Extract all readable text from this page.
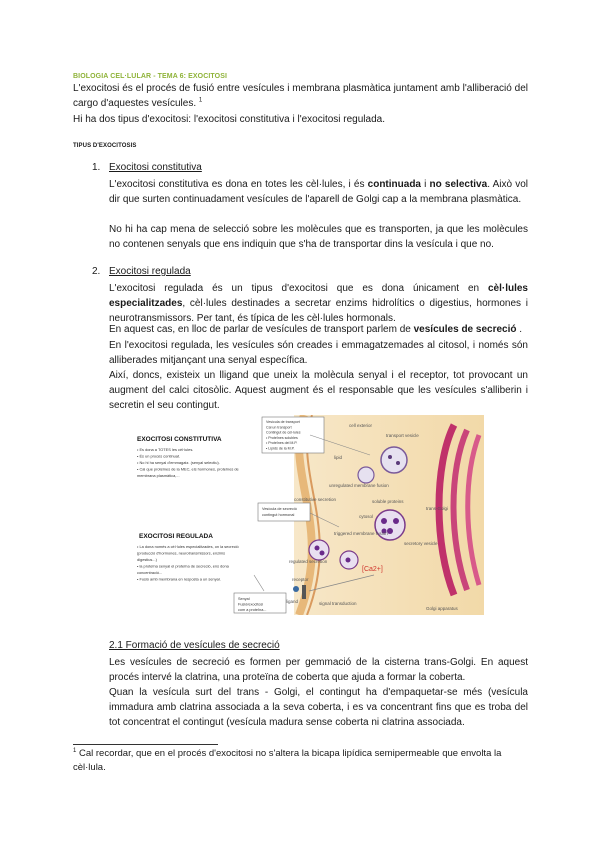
BIOLOGIA CEL·LULAR - TEMA 6: EXOCITOSI
L'exocitosi és el procés de fusió entre vesícules i membrana plasmàtica juntament amb l'alliberació del cargo d'aquestes vesícules. $^1$
Hi ha dos tipus d'exocitosi: l'exocitosi constitutiva i l'exocitosi regulada.
TIPUS D'EXOCITOSIS
1. Exocitosi constitutiva
L'exocitosi constitutiva es dona en totes les cèl·lules, i és continuada i no selectiva. Això vol dir que surten continuadament vesícules de l'aparell de Golgi cap a la membrana plasmàtica.
No hi ha cap mena de selecció sobre les molècules que es transporten, ja que les molècules no contenen senyals que ens indiquin que s'ha de transportar dins la vesícula i que no.
2. Exocitosi regulada
L'exocitosi regulada és un tipus d'exocitosi que es dona únicament en cèl·lules especialitzades, cèl·lules destinades a secretar enzims hidrolítics o digestius, hormones i neurotransmissors. Per tant, és típica de les cèl·lules hormonals.
En aquest cas, en lloc de parlar de vesícules de transport parlem de vesícules de secreció .
En l'exocitosi regulada, les vesícules són creades i emmagatzemades al citosol, i només són alliberades mitjançant una senyal específica.
Així, doncs, existeix un lligand que uneix la molècula senyal i el receptor, tot provocant un augment del calci citosòlic. Aquest augment és el responsable que les vesícules s'alliberin i secretin el seu contingut.
[Ca2+]
cell exterior
transport vesicle
lipid
unregulated membrane fusion
constitutive secretion	soluble proteins
regulated secretion
triggered membrane fusion
secretory vesicle
trans-Golgi
cytosol
receptor
ligand	signal transduction
Golgi apparatus
Vesícula de transport
Cal un transport
Contingut de cèl·lules
• Proteïnes solubles
• Proteïnes del M.P.
• Lípids de la M.P.
Vesícula de secreció
contingut hormonal
Senyal
Fusió/exocitosi
com a proteïna...
EXOCITOSI CONSTITUTIVA
• Es dona a TOTES les cèl·lules.
• És un procés continuat.
• No hi ha senyal d'emmagatz. (senyal selectiu).
• Cal que proteïnes de la MEC, els hormones, proteïnes de
membrana plasmàtica,...
EXOCITOSI REGULADA
• La dona només a cèl·lules especialitzades, on la secreció
(producció d'hormones, neurotransmissors, enzims
digestius...)
• la proteïna senyal el proteïna de secreció, ens dona
concentració...
• Fusió amb membrana en resposta a un senyal.
2.1 Formació de vesícules de secreció
Les vesícules de secreció es formen per gemmació de la cisterna trans-Golgi. En aquest procés intervé la clatrina, una proteïna de coberta que ajuda a formar la coberta.
Quan la vesícula surt del trans - Golgi, el contingut ha d'empaquetar-se més (vesícula immadura amb clatrina associada a la seva coberta, i es va concentrant fins que es troba del tot concentrat el contingut (vesícula madura sense coberta ni clatrina associada.
$^1$ Cal recordar, que en el procés d'exocitosi no s'altera la bicapa lipídica semipermeable que envolta la cèl·lula.
